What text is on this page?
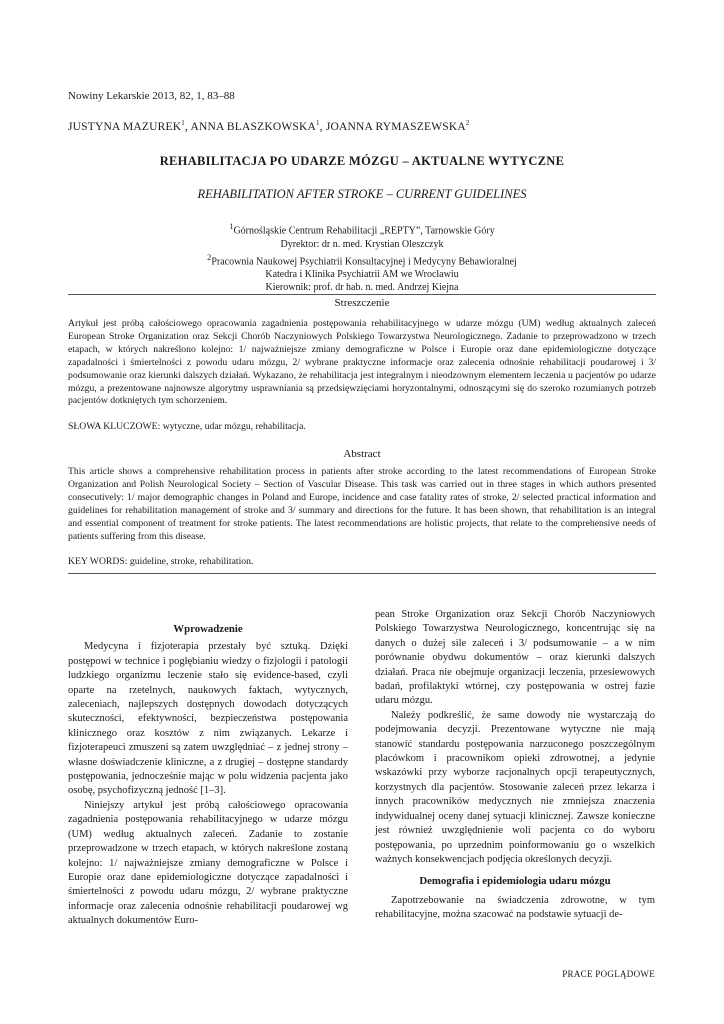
Nowiny Lekarskie 2013, 82, 1, 83–88
JUSTYNA MAZUREK$^1$, ANNA BLASZKOWSKA$^1$, JOANNA RYMASZEWSKA$^2$
REHABILITACJA PO UDARZE MÓZGU – AKTUALNE WYTYCZNE
REHABILITATION AFTER STROKE – CURRENT GUIDELINES
$^1$Górnośląskie Centrum Rehabilitacji „REPTY”, Tarnowskie Góry
Dyrektor: dr n. med. Krystian Oleszczyk
$^2$Pracownia Naukowej Psychiatrii Konsultacyjnej i Medycyny Behawioralnej
Katedra i Klinika Psychiatrii AM we Wrocławiu
Kierownik: prof. dr hab. n. med. Andrzej Kiejna
Streszczenie
Artykuł jest próbą całościowego opracowania zagadnienia postępowania rehabilitacyjnego w udarze mózgu (UM) według aktualnych zaleceń European Stroke Organization oraz Sekcji Chorób Naczyniowych Polskiego Towarzystwa Neurologicznego. Zadanie to przeprowadzono w trzech etapach, w których nakreślono kolejno: 1/ najważniejsze zmiany demograficzne w Polsce i Europie oraz dane epidemiologiczne dotyczące zapadalności i śmiertelności z powodu udaru mózgu, 2/ wybrane praktyczne informacje oraz zalecenia odnośnie rehabilitacji poudarowej i 3/ podsumowanie oraz kierunki dalszych działań. Wykazano, że rehabilitacja jest integralnym i nieodzownym elementem leczenia u pacjentów po udarze mózgu, a prezentowane najnowsze algorytmy usprawniania są przedsięwzięciami horyzontalnymi, odnoszącymi się do szeroko rozumianych potrzeb pacjentów dotkniętych tym schorzeniem.
SŁOWA KLUCZOWE: wytyczne, udar mózgu, rehabilitacja.
Abstract
This article shows a comprehensive rehabilitation process in patients after stroke according to the latest recommendations of European Stroke Organization and Polish Neurological Society – Section of Vascular Disease. This task was carried out in three stages in which authors presented consecutively: 1/ major demographic changes in Poland and Europe, incidence and case fatality rates of stroke, 2/ selected practical information and guidelines for rehabilitation management of stroke and 3/ summary and directions for the future. It has been shown, that rehabilitation is an integral and essential component of treatment for stroke patients. The latest recommendations are holistic projects, that relate to the comprehensive needs of patients suffering from this disease.
KEY WORDS: guideline, stroke, rehabilitation.
Wprowadzenie

Medycyna i fizjoterapia przestały być sztuką. Dzięki postępowi w technice i pogłębianiu wiedzy o fizjologii i patologii ludzkiego organizmu leczenie stało się evidence-based, czyli oparte na rzetelnych, naukowych faktach, wytycznych, zaleceniach, najlepszych dostępnych dowodach dotyczących skuteczności, efektywności, bezpieczeństwa postępowania klinicznego oraz kosztów z nim związanych. Lekarze i fizjoterapeuci zmuszeni są zatem uwzględniać – z jednej strony – własne doświadczenie kliniczne, a z drugiej – dostępne standardy postępowania, jednocześnie mając w polu widzenia pacjenta jako osobę, psychofizyczną jedność [1–3].

Niniejszy artykuł jest próbą całościowego opracowania zagadnienia postępowania rehabilitacyjnego w udarze mózgu (UM) według aktualnych zaleceń. Zadanie to zostanie przeprowadzone w trzech etapach, w których nakreślone zostaną kolejno: 1/ najważniejsze zmiany demograficzne w Polsce i Europie oraz dane epidemiologiczne dotyczące zapadalności i śmiertelności z powodu udaru mózgu, 2/ wybrane praktyczne informacje oraz zalecenia odnośnie rehabilitacji poudarowej wg aktualnych dokumentów Euro-

pean Stroke Organization oraz Sekcji Chorób Naczyniowych Polskiego Towarzystwa Neurologicznego, koncentrując się na danych o dużej sile zaleceń i 3/ podsumowanie – a w nim porównanie obydwu dokumentów – oraz kierunki dalszych działań. Praca nie obejmuje organizacji leczenia, przesiewowych badań, profilaktyki wtórnej, czy postępowania w ostrej fazie udaru mózgu.

Należy podkreślić, że same dowody nie wystarczają do podejmowania decyzji. Prezentowane wytyczne nie mają stanowić standardu postępowania narzuconego poszczególnym placówkom i pracownikom opieki zdrowotnej, a jedynie wskazówki przy wyborze racjonalnych opcji terapeutycznych, korzystnych dla pacjentów. Stosowanie zaleceń przez lekarza i innych pracowników medycznych nie zmniejsza znaczenia indywidualnej oceny danej sytuacji klinicznej. Zawsze konieczne jest również uwzględnienie woli pacjenta co do wyboru postępowania, po uprzednim poinformowaniu go o wszelkich ważnych konsekwencjach podjęcia określonych decyzji.

Demografia i epidemiologia udaru mózgu

Zapotrzebowanie na świadczenia zdrowotne, w tym rehabilitacyjne, można szacować na podstawie sytuacji de-

PRACE POGLĄDOWE
